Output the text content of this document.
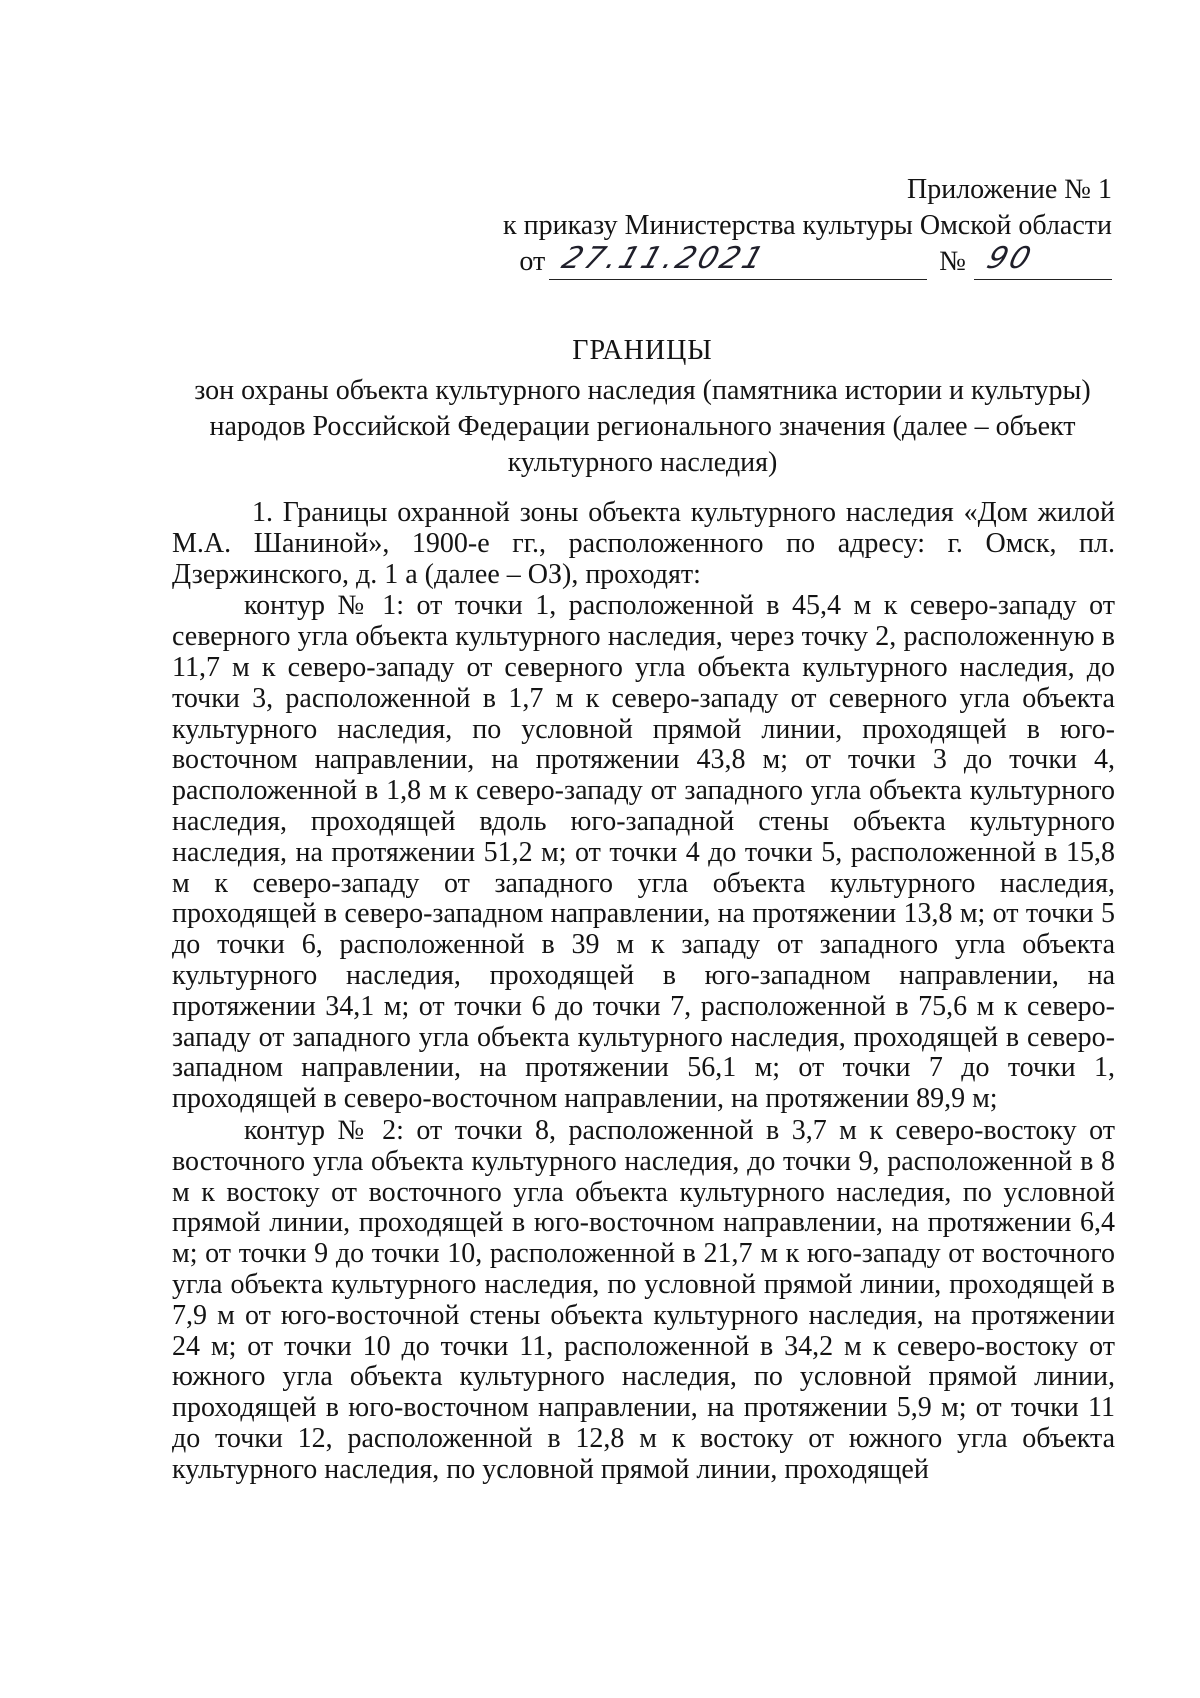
Приложение № 1
к приказу Министерства культуры Омской области
от 27.11.2021	№ 90
ГРАНИЦЫ
зон охраны объекта культурного наследия (памятника истории и культуры) народов Российской Федерации регионального значения (далее – объект культурного наследия)

1. Границы охранной зоны объекта культурного наследия «Дом жилой М.А. Шаниной», 1900-е гг., расположенного по адресу: г. Омск, пл. Дзержинского, д. 1 а (далее – ОЗ), проходят:

контур № 1: от точки 1, расположенной в 45,4 м к северо-западу от северного угла объекта культурного наследия, через точку 2, расположенную в 11,7 м к северо-западу от северного угла объекта культурного наследия, до точки 3, расположенной в 1,7 м к северо-западу от северного угла объекта культурного наследия, по условной прямой линии, проходящей в юго-восточном направлении, на протяжении 43,8 м; от точки 3 до точки 4, расположенной в 1,8 м к северо-западу от западного угла объекта культурного наследия, проходящей вдоль юго-западной стены объекта культурного наследия, на протяжении 51,2 м; от точки 4 до точки 5, расположенной в 15,8 м к северо-западу от западного угла объекта культурного наследия, проходящей в северо-западном направлении, на протяжении 13,8 м; от точки 5 до точки 6, расположенной в 39 м к западу от западного угла объекта культурного наследия, проходящей в юго-западном направлении, на протяжении 34,1 м; от точки 6 до точки 7, расположенной в 75,6 м к северо-западу от западного угла объекта культурного наследия, проходящей в северо-западном направлении, на протяжении 56,1 м; от точки 7 до точки 1, проходящей в северо-восточном направлении, на протяжении 89,9 м;

контур № 2: от точки 8, расположенной в 3,7 м к северо-востоку от восточного угла объекта культурного наследия, до точки 9, расположенной в 8 м к востоку от восточного угла объекта культурного наследия, по условной прямой линии, проходящей в юго-восточном направлении, на протяжении 6,4 м; от точки 9 до точки 10, расположенной в 21,7 м к юго-западу от восточного угла объекта культурного наследия, по условной прямой линии, проходящей в 7,9 м от юго-восточной стены объекта культурного наследия, на протяжении 24 м; от точки 10 до точки 11, расположенной в 34,2 м к северо-востоку от южного угла объекта культурного наследия, по условной прямой линии, проходящей в юго-восточном направлении, на протяжении 5,9 м; от точки 11 до точки 12, расположенной в 12,8 м к востоку от южного угла объекта культурного наследия, по условной прямой линии, проходящей
